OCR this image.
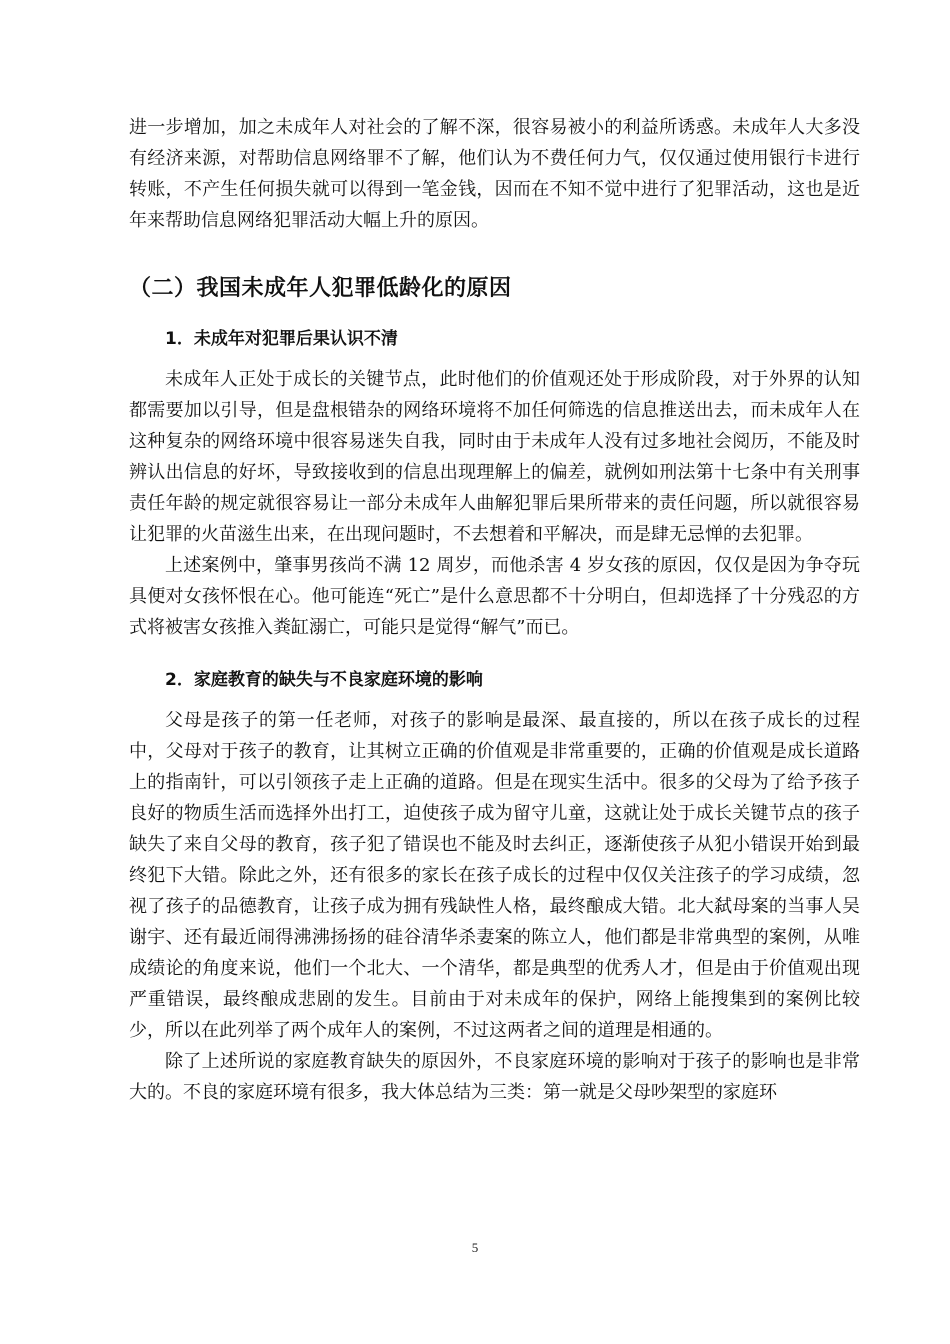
进一步增加，加之未成年人对社会的了解不深，很容易被小的利益所诱惑。未成年人大多没有经济来源，对帮助信息网络罪不了解，他们认为不费任何力气，仅仅通过使用银行卡进行转账，不产生任何损失就可以得到一笔金钱，因而在不知不觉中进行了犯罪活动，这也是近年来帮助信息网络犯罪活动大幅上升的原因。

（二）我国未成年人犯罪低龄化的原因
1．未成年对犯罪后果认识不清

未成年人正处于成长的关键节点，此时他们的价值观还处于形成阶段，对于外界的认知都需要加以引导，但是盘根错杂的网络环境将不加任何筛选的信息推送出去，而未成年人在这种复杂的网络环境中很容易迷失自我，同时由于未成年人没有过多地社会阅历，不能及时辨认出信息的好坏，导致接收到的信息出现理解上的偏差，就例如刑法第十七条中有关刑事责任年龄的规定就很容易让一部分未成年人曲解犯罪后果所带来的责任问题，所以就很容易让犯罪的火苗滋生出来，在出现问题时，不去想着和平解决，而是肆无忌惮的去犯罪。

上述案例中，肇事男孩尚不满 12 周岁，而他杀害 4 岁女孩的原因，仅仅是因为争夺玩具便对女孩怀恨在心。他可能连“死亡”是什么意思都不十分明白，但却选择了十分残忍的方式将被害女孩推入粪缸溺亡，可能只是觉得“解气”而已。

2．家庭教育的缺失与不良家庭环境的影响

父母是孩子的第一任老师，对孩子的影响是最深、最直接的，所以在孩子成长的过程中，父母对于孩子的教育，让其树立正确的价值观是非常重要的，正确的价值观是成长道路上的指南针，可以引领孩子走上正确的道路。但是在现实生活中。很多的父母为了给予孩子良好的物质生活而选择外出打工，迫使孩子成为留守儿童，这就让处于成长关键节点的孩子缺失了来自父母的教育，孩子犯了错误也不能及时去纠正，逐渐使孩子从犯小错误开始到最终犯下大错。除此之外，还有很多的家长在孩子成长的过程中仅仅关注孩子的学习成绩，忽视了孩子的品德教育，让孩子成为拥有残缺性人格，最终酿成大错。北大弑母案的当事人吴谢宇、还有最近闹得沸沸扬扬的硅谷清华杀妻案的陈立人，他们都是非常典型的案例，从唯成绩论的角度来说，他们一个北大、一个清华，都是典型的优秀人才，但是由于价值观出现严重错误，最终酿成悲剧的发生。目前由于对未成年的保护，网络上能搜集到的案例比较少，所以在此列举了两个成年人的案例，不过这两者之间的道理是相通的。

除了上述所说的家庭教育缺失的原因外，不良家庭环境的影响对于孩子的影响也是非常大的。不良的家庭环境有很多，我大体总结为三类：第一就是父母吵架型的家庭环

5
